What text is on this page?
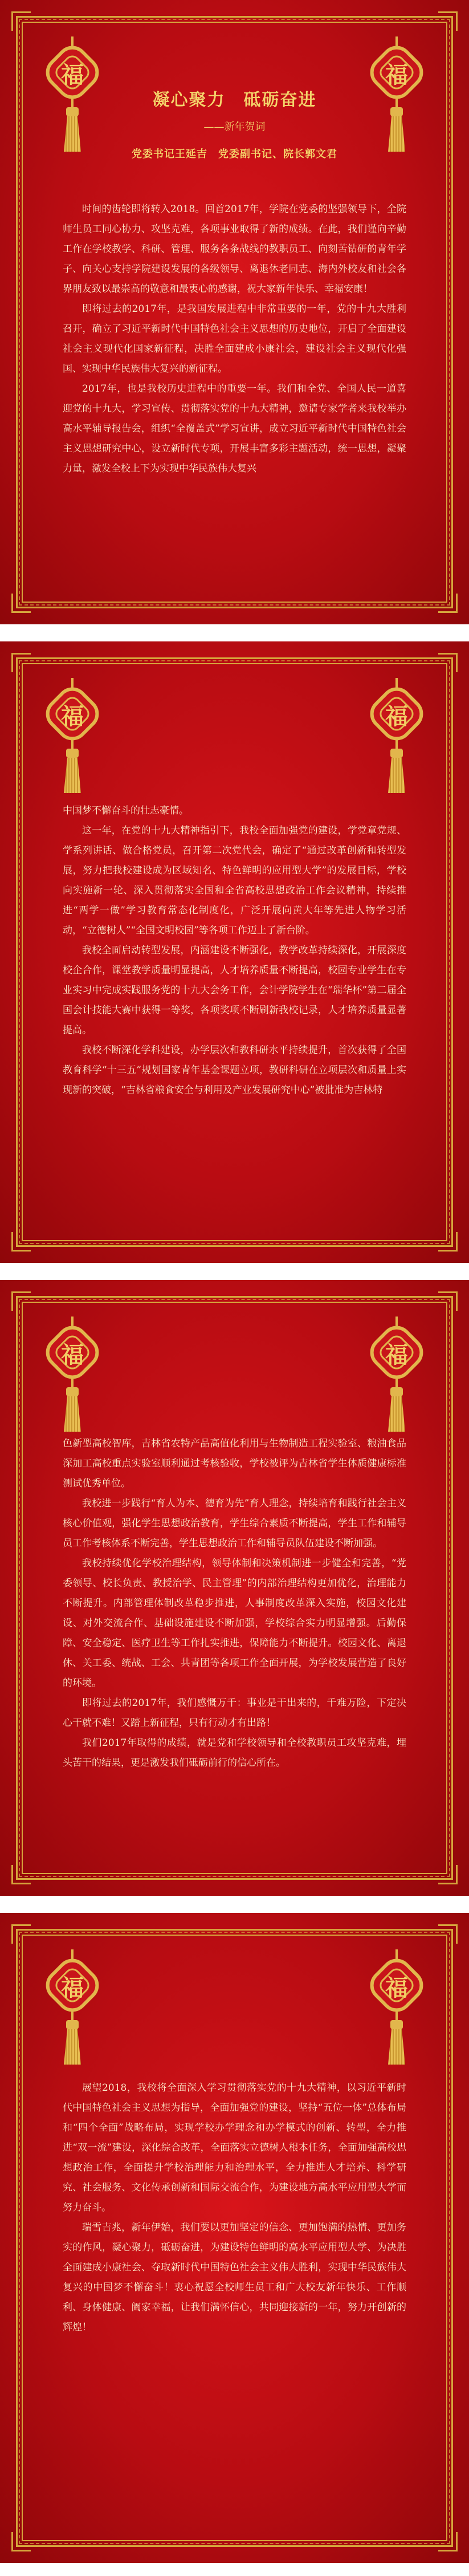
福	福
凝心聚力　砥砺奋进
——新年贺词
党委书记王延吉　党委副书记、院长郭文君

时间的齿轮即将转入2018。回首2017年，学院在党委的坚强领导下，全院师生员工同心协力、攻坚克难，各项事业取得了新的成绩。在此，我们谨向辛勤工作在学校教学、科研、管理、服务各条战线的教职员工、向刻苦钻研的青年学子、向关心支持学院建设发展的各级领导、离退休老同志、海内外校友和社会各界朋友致以最崇高的敬意和最衷心的感谢，祝大家新年快乐、幸福安康！

即将过去的2017年，是我国发展进程中非常重要的一年，党的十九大胜利召开，确立了习近平新时代中国特色社会主义思想的历史地位，开启了全面建设社会主义现代化国家新征程，决胜全面建成小康社会，建设社会主义现代化强国、实现中华民族伟大复兴的新征程。

2017年，也是我校历史进程中的重要一年。我们和全党、全国人民一道喜迎党的十九大，学习宣传、贯彻落实党的十九大精神，邀请专家学者来我校举办高水平辅导报告会，组织“全覆盖式”学习宣讲，成立习近平新时代中国特色社会主义思想研究中心，设立新时代专项，开展丰富多彩主题活动，统一思想，凝聚力量，激发全校上下为实现中华民族伟大复兴

福	福

中国梦不懈奋斗的壮志豪情。

这一年，在党的十九大精神指引下，我校全面加强党的建设，学党章党规、学系列讲话、做合格党员，召开第二次党代会，确定了“通过改革创新和转型发展，努力把我校建设成为区域知名、特色鲜明的应用型大学”的发展目标，学校向实施新一轮、深入贯彻落实全国和全省高校思想政治工作会议精神，持续推进“两学一做”学习教育常态化制度化，广泛开展向黄大年等先进人物学习活动，“立德树人”“全国文明校园”等各项工作迈上了新台阶。

我校全面启动转型发展，内涵建设不断强化，教学改革持续深化，开展深度校企合作，课堂教学质量明显提高，人才培养质量不断提高，校园专业学生在专业实习中完成实践服务党的十九大会务工作，会计学院学生在“瑞华杯”第二届全国会计技能大赛中获得一等奖，各项奖项不断刷新我校记录，人才培养质量显著提高。

我校不断深化学科建设，办学层次和教科研水平持续提升，首次获得了全国教育科学“十三五”规划国家青年基金课题立项，教研科研在立项层次和质量上实现新的突破，“吉林省粮食安全与利用及产业发展研究中心”被批准为吉林特

福	福

色新型高校智库，吉林省农特产品高值化利用与生物制造工程实验室、粮油食品深加工高校重点实验室顺利通过考核验收，学校被评为吉林省学生体质健康标准测试优秀单位。

我校进一步践行“育人为本、德育为先”育人理念，持续培育和践行社会主义核心价值观，强化学生思想政治教育，学生综合素质不断提高，学生工作和辅导员工作考核体系不断完善，学生思想政治工作和辅导员队伍建设不断加强。

我校持续优化学校治理结构，领导体制和决策机制进一步健全和完善，“党委领导、校长负责、教授治学、民主管理”的内部治理结构更加优化，治理能力不断提升。内部管理体制改革稳步推进，人事制度改革深入实施，校园文化建设、对外交流合作、基础设施建设不断加强，学校综合实力明显增强。后勤保障、安全稳定、医疗卫生等工作扎实推进，保障能力不断提升。校园文化、离退休、关工委、统战、工会、共青团等各项工作全面开展，为学校发展营造了良好的环境。

即将过去的2017年，我们感慨万千：事业是干出来的，千难万险，下定决心干就不难！又踏上新征程，只有行动才有出路！

我们2017年取得的成绩，就是党和学校领导和全校教职员工攻坚克难，埋头苦干的结果，更是激发我们砥砺前行的信心所在。

福	福

展望2018，我校将全面深入学习贯彻落实党的十九大精神，以习近平新时代中国特色社会主义思想为指导，全面加强党的建设，坚持“五位一体”总体布局和“四个全面”战略布局，实现学校办学理念和办学模式的创新、转型，全力推进“双一流”建设，深化综合改革，全面落实立德树人根本任务，全面加强高校思想政治工作，全面提升学校治理能力和治理水平，全力推进人才培养、科学研究、社会服务、文化传承创新和国际交流合作，为建设地方高水平应用型大学而努力奋斗。

瑞雪吉兆，新年伊始，我们要以更加坚定的信念、更加饱满的热情、更加务实的作风，凝心聚力，砥砺奋进，为建设特色鲜明的高水平应用型大学、为决胜全面建成小康社会、夺取新时代中国特色社会主义伟大胜利，实现中华民族伟大复兴的中国梦不懈奋斗！衷心祝愿全校师生员工和广大校友新年快乐、工作顺利、身体健康、阖家幸福，让我们满怀信心，共同迎接新的一年，努力开创新的辉煌！
